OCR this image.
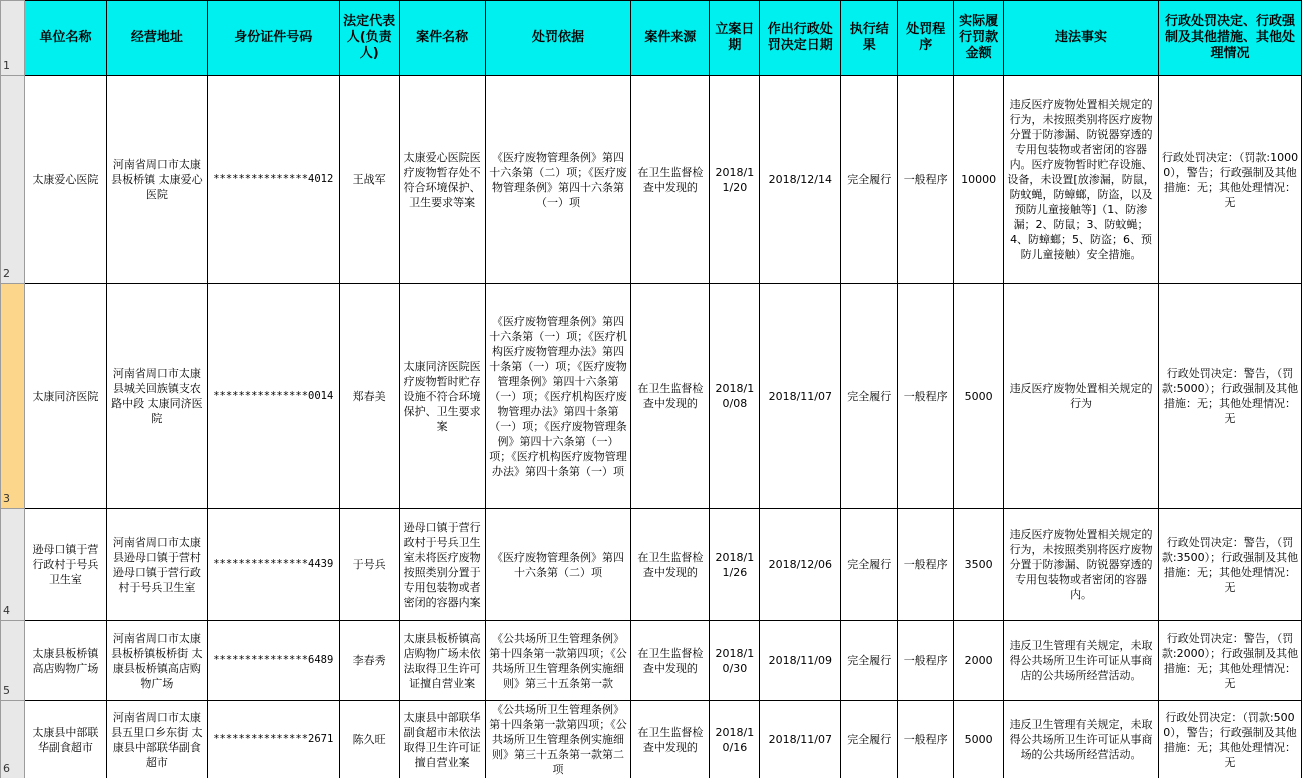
1	单位名称	经营地址	身份证件号码	法定代表人(负责人)	案件名称	处罚依据	案件来源	立案日期	作出行政处罚决定日期	执行结果	处罚程序	实际履行罚款金额	违法事实	行政处罚决定、行政强制及其他措施、其他处理情况
2	太康爱心医院	河南省周口市太康县板桥镇 太康爱心医院	***************4012	王战军	太康爱心医院医疗废物暂存处不符合环境保护、卫生要求等案	《医疗废物管理条例》第四十六条第（二）项；《医疗废物管理条例》第四十六条第（一）项	在卫生监督检查中发现的	2018/11/20	2018/12/14	完全履行	一般程序	10000	违反医疗废物处置相关规定的行为，未按照类别将医疗废物分置于防渗漏、防锐器穿透的专用包装物或者密闭的容器内。医疗废物暂时贮存设施、设备，未设置[放渗漏，防鼠，防蚊蝇，防蟑螂，防盗，以及预防儿童接触等]（1、防渗漏；2、防鼠；3、防蚊蝇；4、防蟑螂；5、防盗；6、预防儿童接触）安全措施。	行政处罚决定：（罚款:10000），警告；行政强制及其他措施：无；其他处理情况：无
3	太康同济医院	河南省周口市太康县城关回族镇支农路中段 太康同济医院	***************0014	郑春美	太康同济医院医疗废物暂时贮存设施不符合环境保护、卫生要求案	《医疗废物管理条例》第四十六条第（一）项；《医疗机构医疗废物管理办法》第四十条第（一）项；《医疗废物管理条例》第四十六条第（一）项；《医疗机构医疗废物管理办法》第四十条第（一）项；《医疗废物管理条例》第四十六条第（一）项；《医疗机构医疗废物管理办法》第四十条第（一）项	在卫生监督检查中发现的	2018/10/08	2018/11/07	完全履行	一般程序	5000	违反医疗废物处置相关规定的行为	行政处罚决定：警告，（罚款:5000）；行政强制及其他措施：无；其他处理情况：无
4	逊母口镇于营行政村于号兵卫生室	河南省周口市太康县逊母口镇于营村 逊母口镇于营行政村于号兵卫生室	***************4439	于号兵	逊母口镇于营行政村于号兵卫生室未将医疗废物按照类别分置于专用包装物或者密闭的容器内案	《医疗废物管理条例》第四十六条第（二）项	在卫生监督检查中发现的	2018/11/26	2018/12/06	完全履行	一般程序	3500	违反医疗废物处置相关规定的行为，未按照类别将医疗废物分置于防渗漏、防锐器穿透的专用包装物或者密闭的容器内。	行政处罚决定：警告，（罚款:3500）；行政强制及其他措施：无；其他处理情况：无
5	太康县板桥镇高店购物广场	河南省周口市太康县板桥镇板桥街 太康县板桥镇高店购物广场	***************6489	李春秀	太康县板桥镇高店购物广场未依法取得卫生许可证擅自营业案	《公共场所卫生管理条例》第十四条第一款第四项；《公共场所卫生管理条例实施细则》第三十五条第一款	在卫生监督检查中发现的	2018/10/30	2018/11/09	完全履行	一般程序	2000	违反卫生管理有关规定，未取得公共场所卫生许可证从事商店的公共场所经营活动。	行政处罚决定：警告，（罚款:2000）；行政强制及其他措施：无；其他处理情况：无
6	太康县中部联华副食超市	河南省周口市太康县五里口乡东街 太康县中部联华副食超市	***************2671	陈久旺	太康县中部联华副食超市未依法取得卫生许可证擅自营业案	《公共场所卫生管理条例》第十四条第一款第四项；《公共场所卫生管理条例实施细则》第三十五条第一款第二项	在卫生监督检查中发现的	2018/10/16	2018/11/07	完全履行	一般程序	5000	违反卫生管理有关规定，未取得公共场所卫生许可证从事商场的公共场所经营活动。	行政处罚决定：（罚款:5000），警告；行政强制及其他措施：无；其他处理情况：无
